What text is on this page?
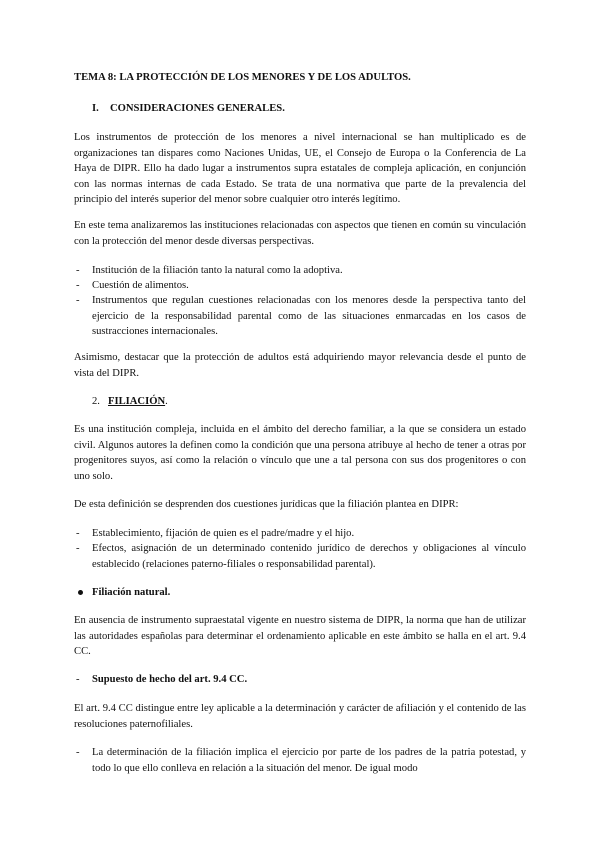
TEMA 8: LA PROTECCIÓN DE LOS MENORES Y DE LOS ADULTOS.

I. CONSIDERACIONES GENERALES.

Los instrumentos de protección de los menores a nivel internacional se han multiplicado es de organizaciones tan dispares como Naciones Unidas, UE, el Consejo de Europa o la Conferencia de La Haya de DIPR. Ello ha dado lugar a instrumentos supra estatales de compleja aplicación, en conjunción con las normas internas de cada Estado. Se trata de una normativa que parte de la prevalencia del principio del interés superior del menor sobre cualquier otro interés legítimo.

En este tema analizaremos las instituciones relacionadas con aspectos que tienen en común su vinculación con la protección del menor desde diversas perspectivas.

- Institución de la filiación tanto la natural como la adoptiva.

- Cuestión de alimentos.

- Instrumentos que regulan cuestiones relacionadas con los menores desde la perspectiva tanto del ejercicio de la responsabilidad parental como de las situaciones enmarcadas en los casos de sustracciones internacionales.

Asimismo, destacar que la protección de adultos está adquiriendo mayor relevancia desde el punto de vista del DIPR.

2. FILIACIÓN.

Es una institución compleja, incluida en el ámbito del derecho familiar, a la que se considera un estado civil. Algunos autores la definen como la condición que una persona atribuye al hecho de tener a otras por progenitores suyos, así como la relación o vínculo que une a tal persona con sus dos progenitores o con uno solo.

De esta definición se desprenden dos cuestiones jurídicas que la filiación plantea en DIPR:

- Establecimiento, fijación de quien es el padre/madre y el hijo.

- Efectos, asignación de un determinado contenido jurídico de derechos y obligaciones al vínculo establecido (relaciones paterno-filiales o responsabilidad parental).

Filiación natural.

En ausencia de instrumento supraestatal vigente en nuestro sistema de DIPR, la norma que han de utilizar las autoridades españolas para determinar el ordenamiento aplicable en este ámbito se halla en el art. 9.4 CC.

- Supuesto de hecho del art. 9.4 CC.

El art. 9.4 CC distingue entre ley aplicable a la determinación y carácter de afiliación y el contenido de las resoluciones paternofiliales.

- La determinación de la filiación implica el ejercicio por parte de los padres de la patria potestad, y todo lo que ello conlleva en relación a la situación del menor. De igual modo
